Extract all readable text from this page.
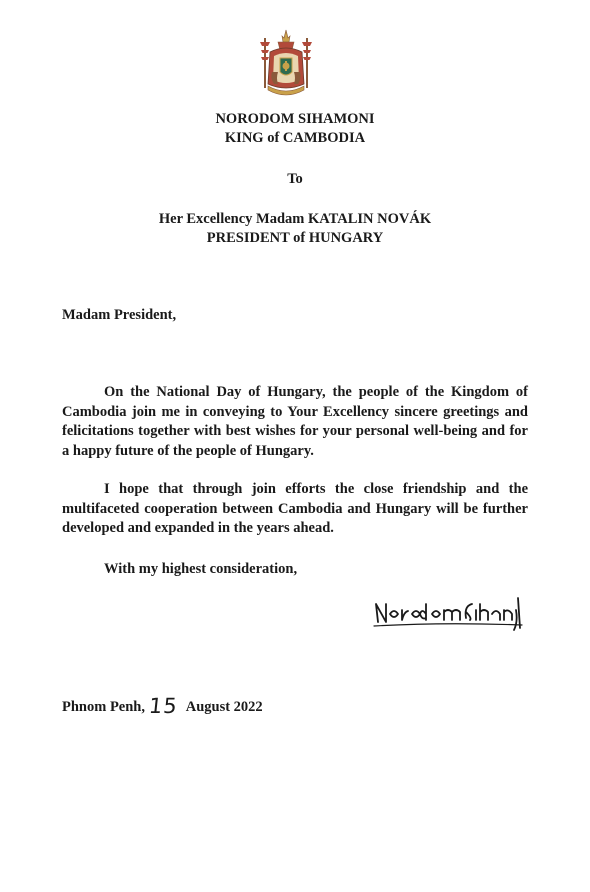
NORODOM SIHAMONI
KING of CAMBODIA
To
Her Excellency Madam KATALIN NOVÁK
PRESIDENT of HUNGARY
Madam President,
On the National Day of Hungary, the people of the Kingdom of Cambodia join me in conveying to Your Excellency sincere greetings and felicitations together with best wishes for your personal well-being and for a happy future of the people of Hungary.
I hope that through join efforts the close friendship and the multifaceted cooperation between Cambodia and Hungary will be further developed and expanded in the years ahead.
With my highest consideration,
Phnom Penh, 15 August 2022
